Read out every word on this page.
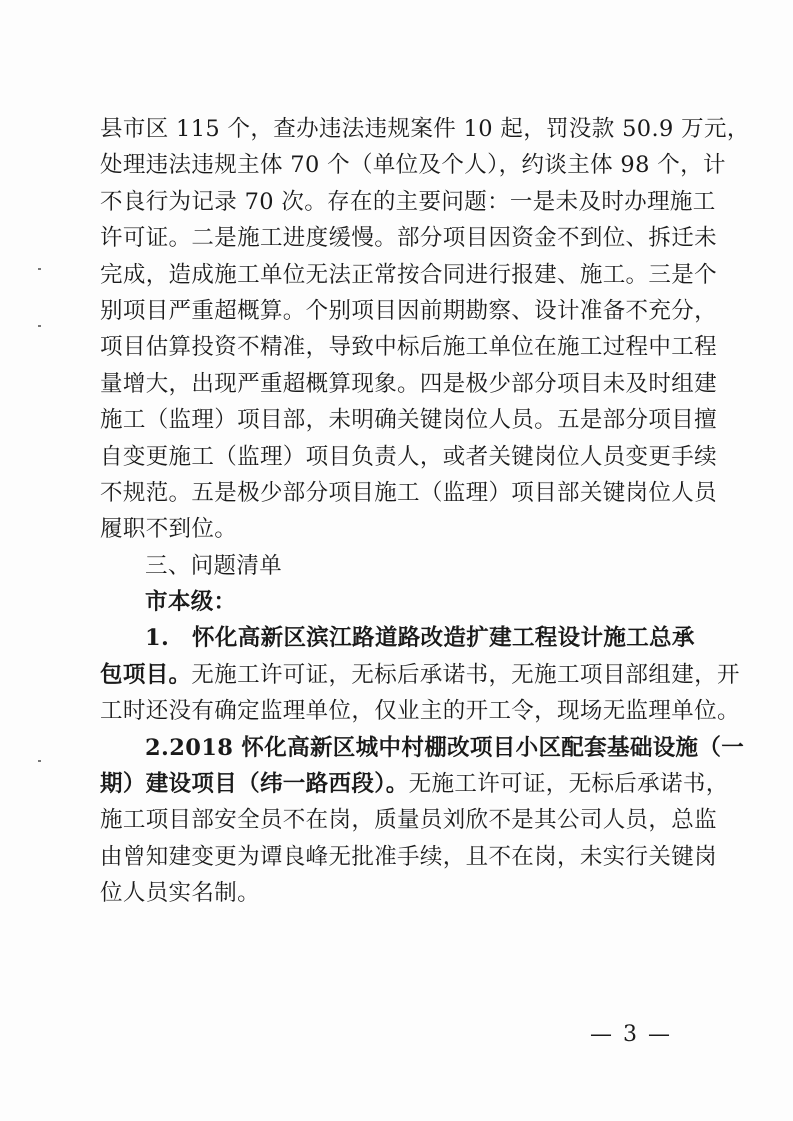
县市区 115 个，查办违法违规案件 10 起，罚没款 50.9 万元，
处理违法违规主体 70 个（单位及个人），约谈主体 98 个，计
不良行为记录 70 次。存在的主要问题：一是未及时办理施工
许可证。二是施工进度缓慢。部分项目因资金不到位、拆迁未
完成，造成施工单位无法正常按合同进行报建、施工。三是个
别项目严重超概算。个别项目因前期勘察、设计准备不充分，
项目估算投资不精准，导致中标后施工单位在施工过程中工程
量增大，出现严重超概算现象。四是极少部分项目未及时组建
施工（监理）项目部，未明确关键岗位人员。五是部分项目擅
自变更施工（监理）项目负责人，或者关键岗位人员变更手续
不规范。五是极少部分项目施工（监理）项目部关键岗位人员
履职不到位。
三、问题清单
市本级：
1.　怀化高新区滨江路道路改造扩建工程设计施工总承
包项目。无施工许可证，无标后承诺书，无施工项目部组建，开
工时还没有确定监理单位，仅业主的开工令，现场无监理单位。
2.2018 怀化高新区城中村棚改项目小区配套基础设施（一
期）建设项目（纬一路西段）。无施工许可证，无标后承诺书，
施工项目部安全员不在岗，质量员刘欣不是其公司人员，总监
由曾知建变更为谭良峰无批准手续，且不在岗，未实行关键岗
位人员实名制。
— 3 —
